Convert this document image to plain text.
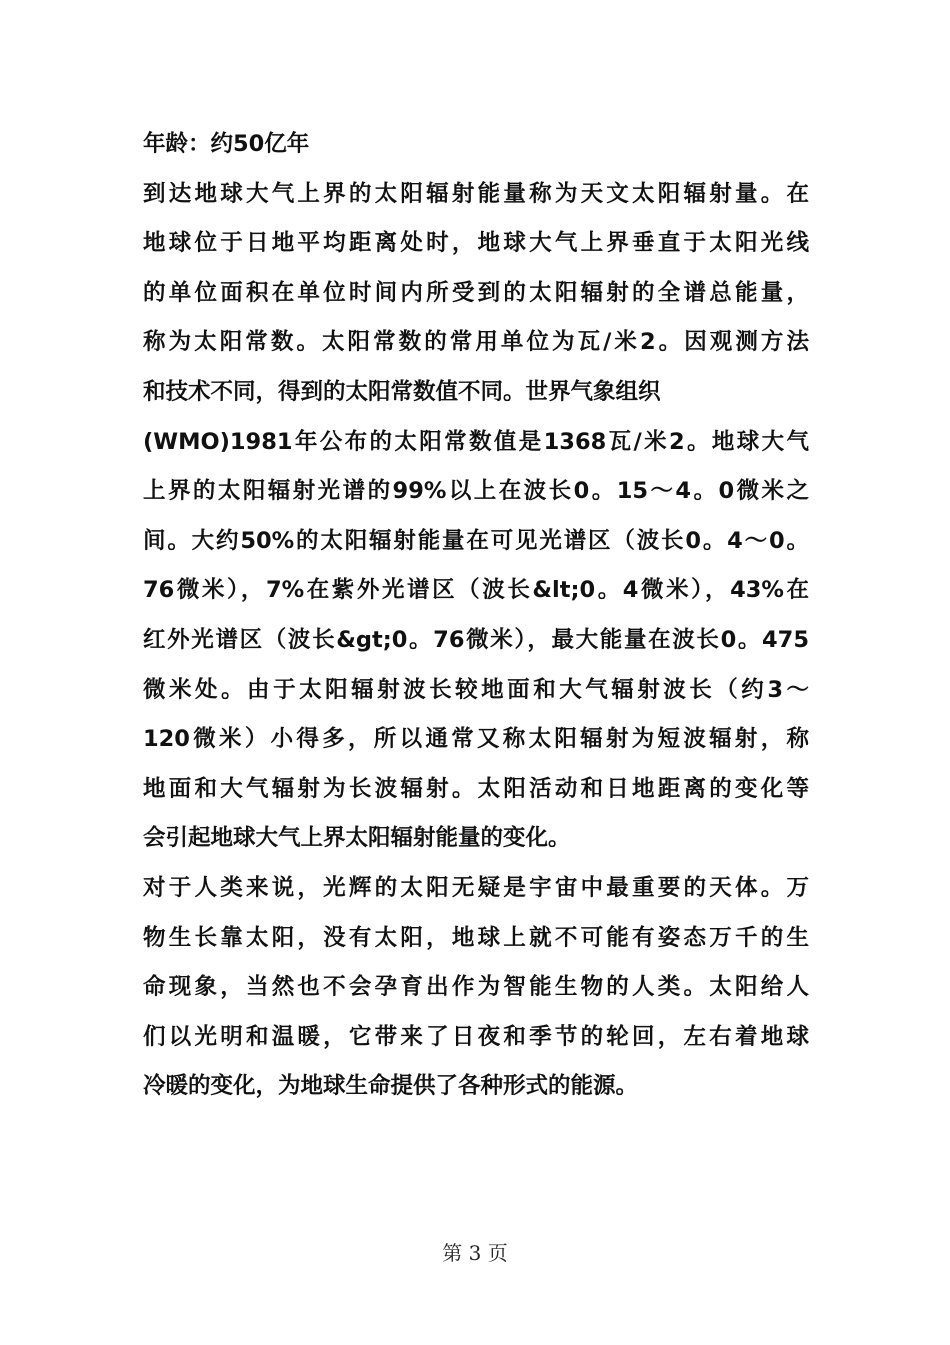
年龄：约50亿年
到达地球大气上界的太阳辐射能量称为天文太阳辐射量。在
地球位于日地平均距离处时，地球大气上界垂直于太阳光线
的单位面积在单位时间内所受到的太阳辐射的全谱总能量，
称为太阳常数。太阳常数的常用单位为瓦/米2。因观测方法
和技术不同，得到的太阳常数值不同。世界气象组织
(WMO)1981年公布的太阳常数值是1368瓦/米2。地球大气
上界的太阳辐射光谱的99%以上在波长0。15～4。0微米之
间。大约50%的太阳辐射能量在可见光谱区（波长0。4～0。
76微米），7%在紫外光谱区（波长&lt;0。4微米），43%在
红外光谱区（波长&gt;0。76微米），最大能量在波长0。475
微米处。由于太阳辐射波长较地面和大气辐射波长（约3～
120微米）小得多，所以通常又称太阳辐射为短波辐射，称
地面和大气辐射为长波辐射。太阳活动和日地距离的变化等
会引起地球大气上界太阳辐射能量的变化。
对于人类来说，光辉的太阳无疑是宇宙中最重要的天体。万
物生长靠太阳，没有太阳，地球上就不可能有姿态万千的生
命现象，当然也不会孕育出作为智能生物的人类。太阳给人
们以光明和温暖，它带来了日夜和季节的轮回，左右着地球
冷暖的变化，为地球生命提供了各种形式的能源。
第 3 页
